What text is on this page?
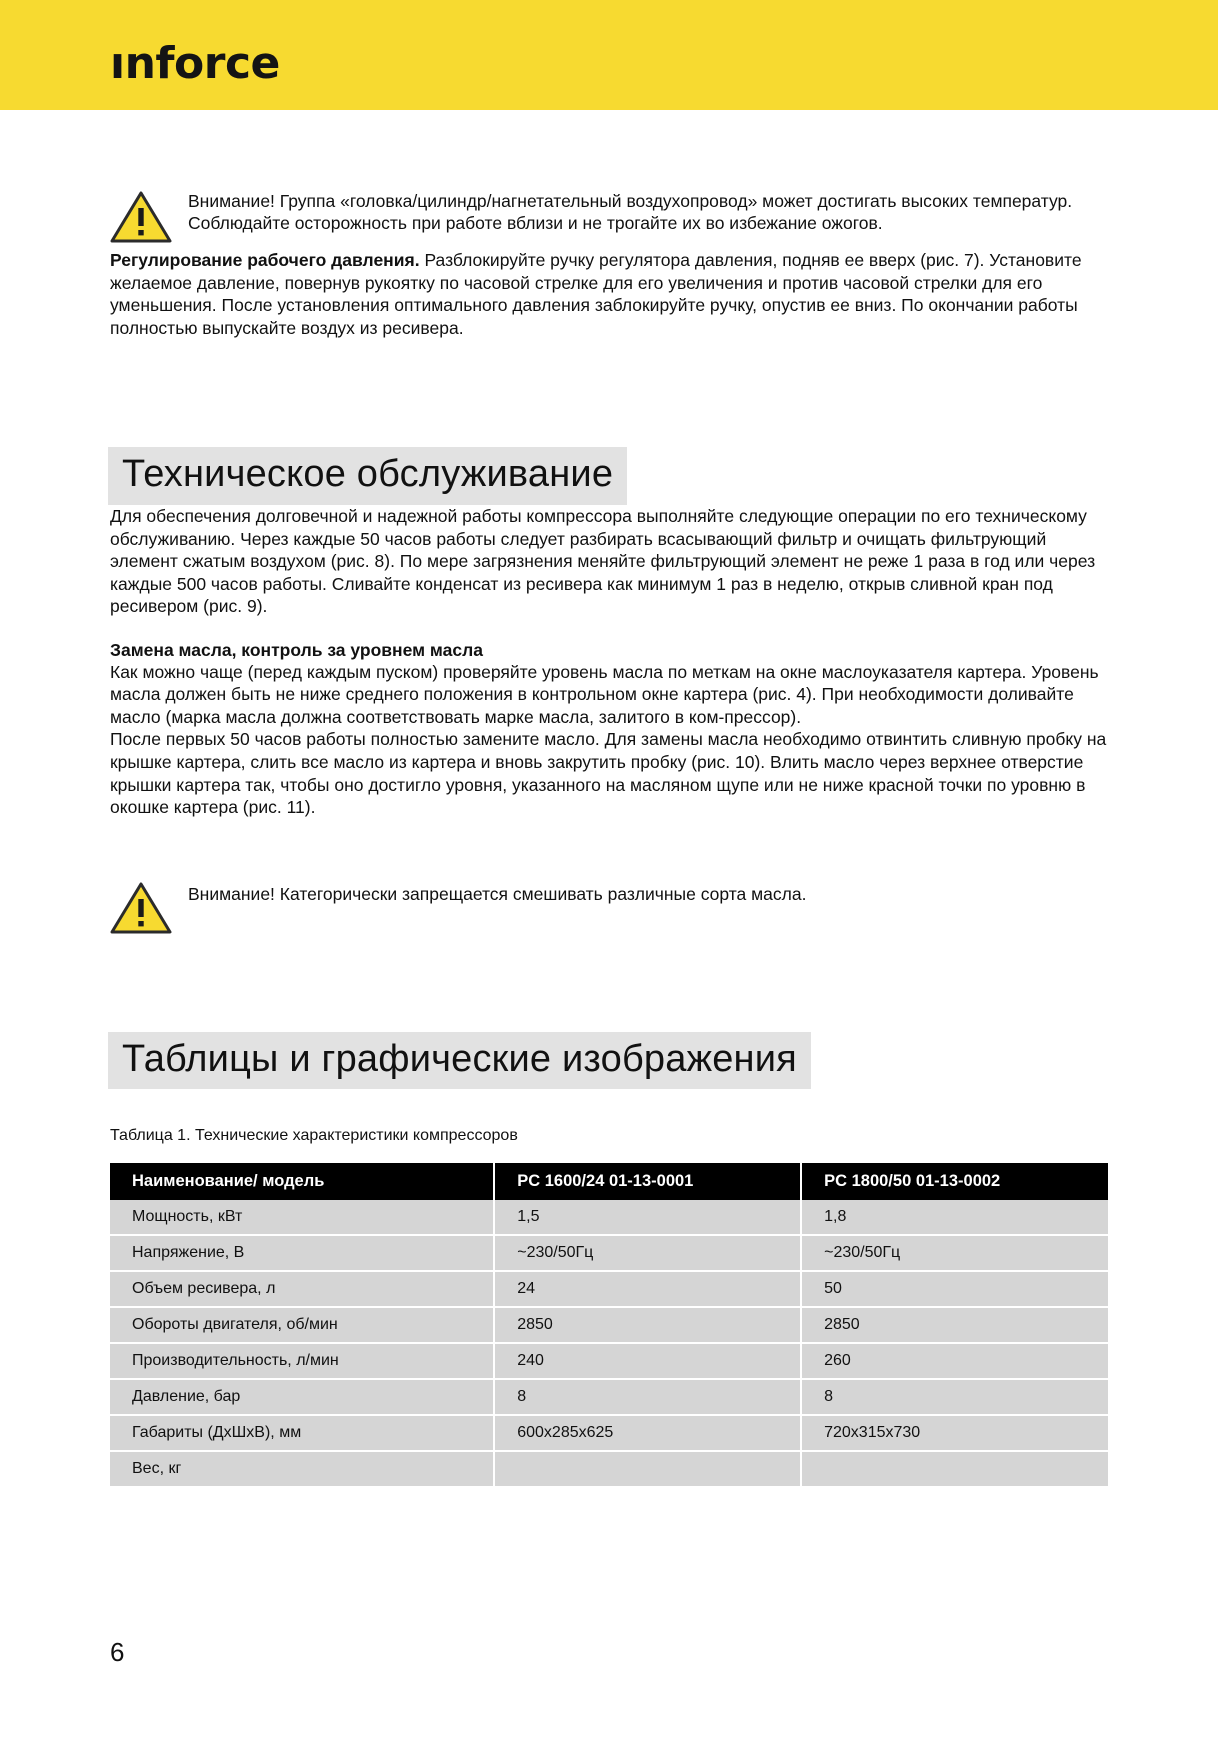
ınforce
Внимание! Группа «головка/цилиндр/нагнетательный воздухопровод» может достигать высоких температур. Соблюдайте осторожность при работе вблизи и не трогайте их во избежание ожогов.

Регулирование рабочего давления. Разблокируйте ручку регулятора давления, подняв ее вверх (рис. 7). Установите желаемое давление, повернув рукоятку по часовой стрелке для его увеличения и против часовой стрелки для его уменьшения. После установления оптимального давления заблокируйте ручку, опустив ее вниз. По окончании работы полностью выпускайте воздух из ресивера.

Техническое обслуживание

Для обеспечения долговечной и надежной работы компрессора выполняйте следующие операции по его техническому обслуживанию. Через каждые 50 часов работы следует разбирать всасывающий фильтр и очищать фильтрующий элемент сжатым воздухом (рис. 8). По мере загрязнения меняйте фильтрующий элемент не реже 1 раза в год или через каждые 500 часов работы. Сливайте конденсат из ресивера как минимум 1 раз в неделю, открыв сливной кран под ресивером (рис. 9).

Замена масла, контроль за уровнем масла

Как можно чаще (перед каждым пуском) проверяйте уровень масла по меткам на окне маслоуказателя картера. Уровень масла должен быть не ниже среднего положения в контрольном окне картера (рис. 4). При необходимости доливайте масло (марка масла должна соответствовать марке масла, залитого в ком-прессор).

После первых 50 часов работы полностью замените масло. Для замены масла необходимо отвинтить сливную пробку на крышке картера, слить все масло из картера и вновь закрутить пробку (рис. 10). Влить масло через верхнее отверстие крышки картера так, чтобы оно достигло уровня, указанного на масляном щупе или не ниже красной точки по уровню в окошке картера (рис. 11).

Внимание! Категорически запрещается смешивать различные сорта масла.
Таблицы и графические изображения
Таблица 1. Технические характеристики компрессоров
Наименование/ модель	PC 1600/24 01-13-0001	PC 1800/50 01-13-0002
Мощность, кВт	1,5	1,8
Напряжение, В	~230/50Гц	~230/50Гц
Объем ресивера, л	24	50
Обороты двигателя, об/мин	2850	2850
Производительность, л/мин	240	260
Давление, бар	8	8
Габариты (ДхШхВ), мм	600x285x625	720x315x730
Вес, кг		
6
